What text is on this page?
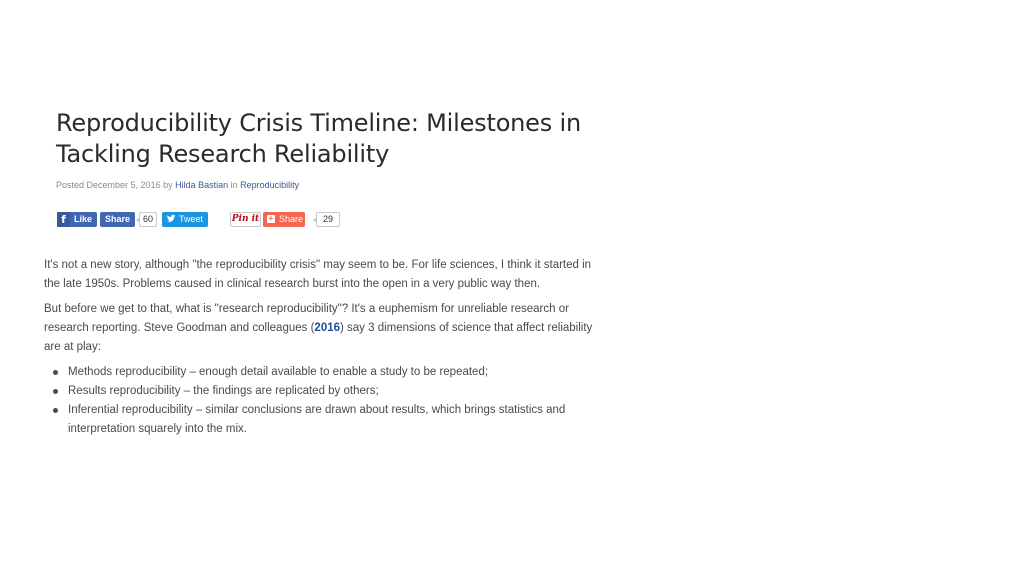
Reproducibility Crisis Timeline: Milestones in Tackling Research Reliability
Posted December 5, 2016 by Hilda Bastian in Reproducibility
f Like	Share	60	Tweet	Pin it + Share	29

It's not a new story, although "the reproducibility crisis" may seem to be. For life sciences, I think it started in the late 1950s. Problems caused in clinical research burst into the open in a very public way then.

But before we get to that, what is "research reproducibility"? It's a euphemism for unreliable research or research reporting. Steve Goodman and colleagues (2016) say 3 dimensions of science that affect reliability are at play:

Methods reproducibility – enough detail available to enable a study to be repeated;
Results reproducibility – the findings are replicated by others;
Inferential reproducibility – similar conclusions are drawn about results, which brings statistics and interpretation squarely into the mix.
